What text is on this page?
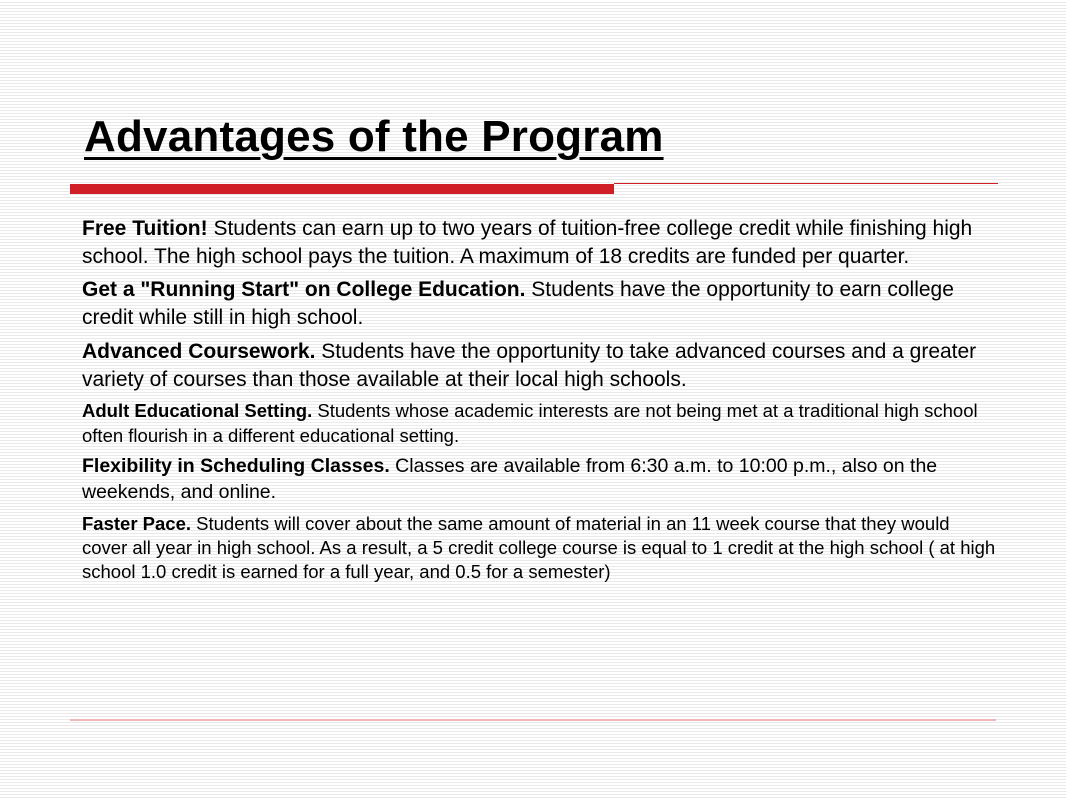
Advantages of the Program

Free Tuition! Students can earn up to two years of tuition-free college credit while finishing high school. The high school pays the tuition. A maximum of 18 credits are funded per quarter.

Get a "Running Start" on College Education. Students have the opportunity to earn college credit while still in high school.

Advanced Coursework. Students have the opportunity to take advanced courses and a greater variety of courses than those available at their local high schools.

Adult Educational Setting. Students whose academic interests are not being met at a traditional high school often flourish in a different educational setting.

Flexibility in Scheduling Classes. Classes are available from 6:30 a.m. to 10:00 p.m., also on the weekends, and online.

Faster Pace. Students will cover about the same amount of material in an 11 week course that they would cover all year in high school. As a result, a 5 credit college course is equal to 1 credit at the high school ( at high school 1.0 credit is earned for a full year, and 0.5 for a semester)
